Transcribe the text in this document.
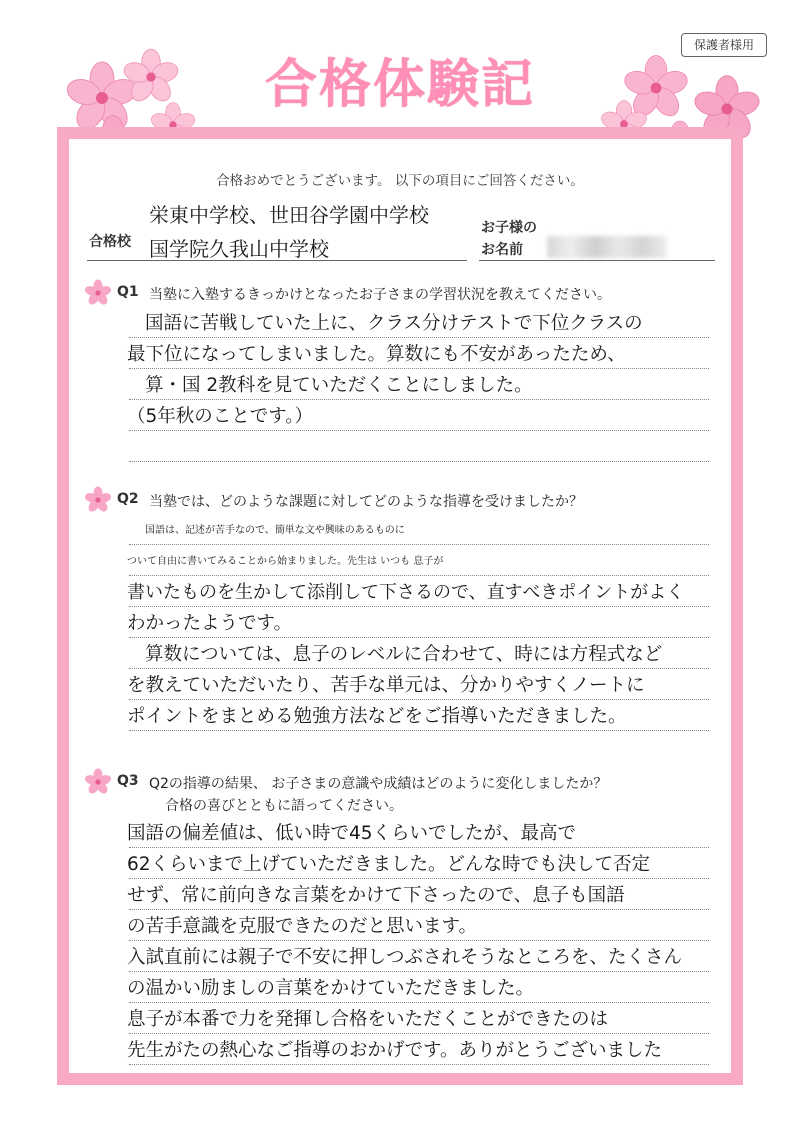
保護者様用
合格体験記
合格おめでとうございます。 以下の項目にご回答ください。
合格校
栄東中学校、世田谷学園中学校
国学院久我山中学校
お子様の
お名前
Q1 当塾に入塾するきっかけとなったお子さまの学習状況を教えてください。
国語に苦戦していた上に、クラス分けテストで下位クラスの
最下位になってしまいました。算数にも不安があったため、
算・国 2教科を見ていただくことにしました。
（5年秋のことです。）
Q2 当塾では、どのような課題に対してどのような指導を受けましたか？
国語は、記述が苦手なので、簡単な文や興味のあるものに
ついて自由に書いてみることから始まりました。先生は いつも 息子が
書いたものを生かして添削して下さるので、直すべきポイントがよく
わかったようです。
算数については、息子のレベルに合わせて、時には方程式など
を教えていただいたり、苦手な単元は、分かりやすくノートに
ポイントをまとめる勉強方法などをご指導いただきました。
Q3 Q2の指導の結果、 お子さまの意識や成績はどのように変化しましたか？
合格の喜びとともに語ってください。
国語の偏差値は、低い時で45くらいでしたが、最高で
62くらいまで上げていただきました。どんな時でも決して否定
せず、常に前向きな言葉をかけて下さったので、息子も国語
の苦手意識を克服できたのだと思います。
入試直前には親子で不安に押しつぶされそうなところを、たくさん
の温かい励ましの言葉をかけていただきました。
息子が本番で力を発揮し合格をいただくことができたのは
先生がたの熱心なご指導のおかげです。ありがとうございました
